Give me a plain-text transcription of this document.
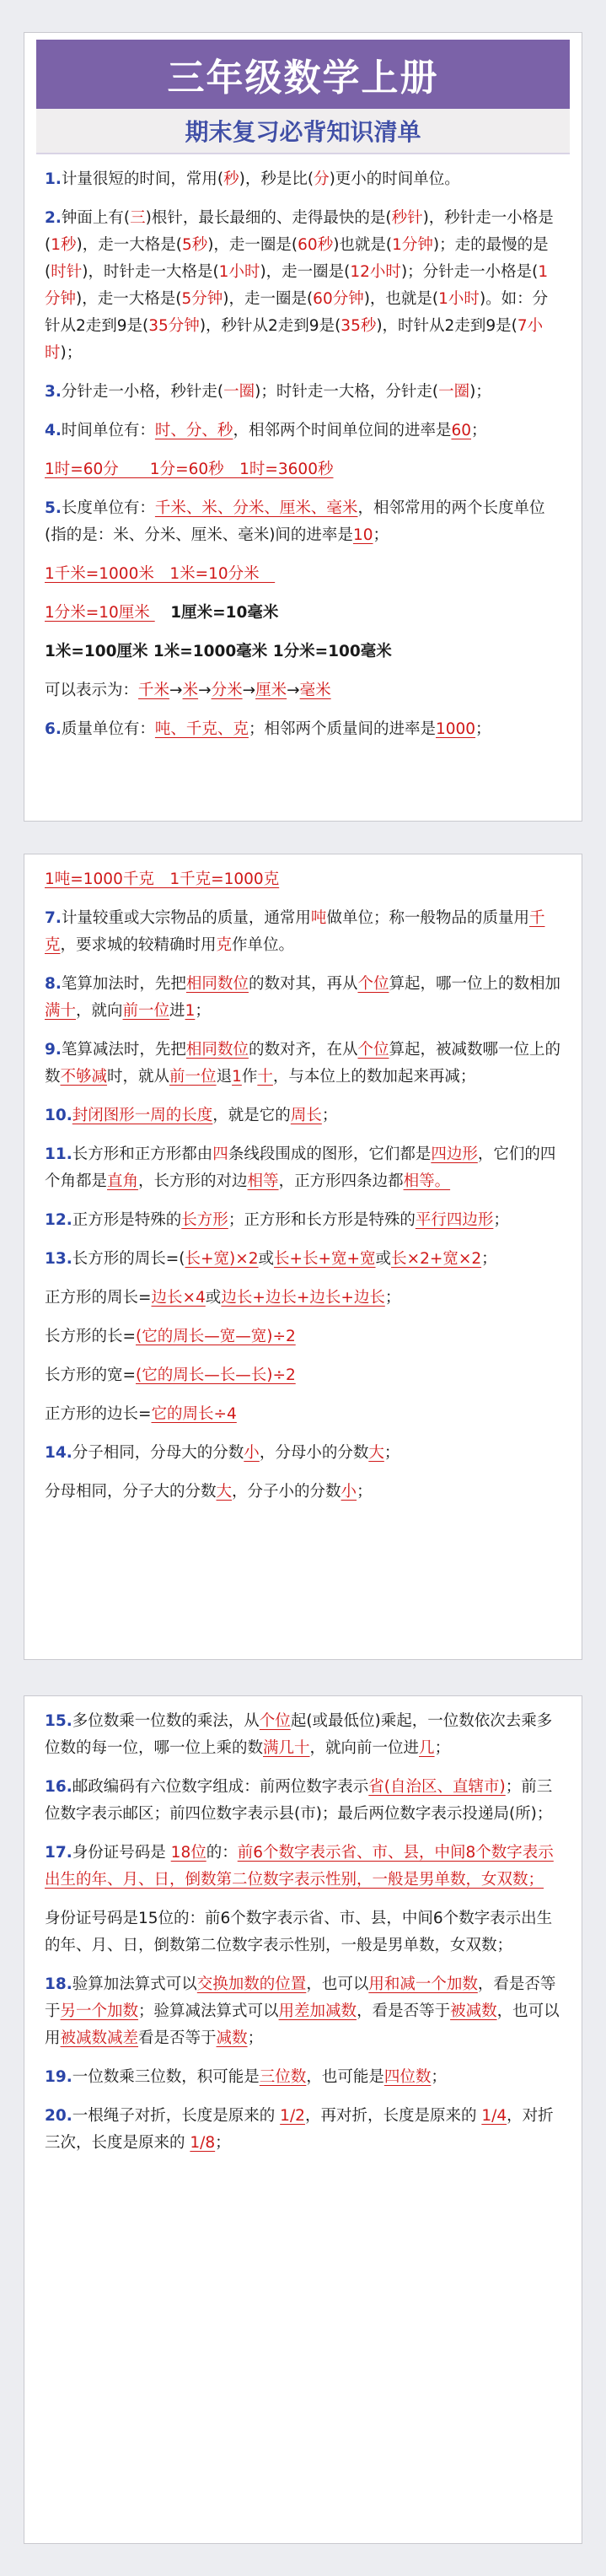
三年级数学上册
期末复习必背知识清单
1.计量很短的时间，常用(秒)，秒是比(分)更小的时间单位。
2.钟面上有(三)根针，最长最细的、走得最快的是(秒针)，秒针走一小格是(1秒)，走一大格是(5秒)，走一圈是(60秒)也就是(1分钟)；走的最慢的是(时针)，时针走一大格是(1小时)，走一圈是(12小时)；分针走一小格是(1分钟)，走一大格是(5分钟)，走一圈是(60分钟)，也就是(1小时)。如：分针从2走到9是(35分钟)，秒针从2走到9是(35秒)，时针从2走到9是(7小时)；
3.分针走一小格，秒针走(一圈)；时针走一大格，分针走(一圈)；
4.时间单位有：时、分、秒，相邻两个时间单位间的进率是60；
1时=60分　　1分=60秒　1时=3600秒
5.长度单位有：千米、米、分米、厘米、毫米，相邻常用的两个长度单位(指的是：米、分米、厘米、毫米)间的进率是10；
1千米=1000米　1米=10分米　
1分米=10厘米 　1厘米=10毫米
1米=100厘米 1米=1000毫米 1分米=100毫米
可以表示为：千米→米→分米→厘米→毫米
6.质量单位有：吨、千克、克；相邻两个质量间的进率是1000；
1吨=1000千克　1千克=1000克
7.计量较重或大宗物品的质量，通常用吨做单位；称一般物品的质量用千克，要求城的较精确时用克作单位。
8.笔算加法时，先把相同数位的数对其，再从个位算起，哪一位上的数相加满十，就向前一位进1；
9.笔算减法时，先把相同数位的数对齐，在从个位算起，被减数哪一位上的数不够减时，就从前一位退1作十，与本位上的数加起来再减；
10.封闭图形一周的长度，就是它的周长；
11.长方形和正方形都由四条线段围成的图形，它们都是四边形，它们的四个角都是直角，长方形的对边相等，正方形四条边都相等。
12.正方形是特殊的长方形；正方形和长方形是特殊的平行四边形；
13.长方形的周长=(长+宽)×2或长+长+宽+宽或长×2+宽×2；
正方形的周长=边长×4或边长+边长+边长+边长；
长方形的长=(它的周长—宽—宽)÷2
长方形的宽=(它的周长—长—长)÷2
正方形的边长=它的周长÷4
14.分子相同，分母大的分数小，分母小的分数大；
分母相同，分子大的分数大，分子小的分数小；
15.多位数乘一位数的乘法，从个位起(或最低位)乘起，一位数依次去乘多位数的每一位，哪一位上乘的数满几十，就向前一位进几；
16.邮政编码有六位数字组成：前两位数字表示省(自治区、直辖市)；前三位数字表示邮区；前四位数字表示县(市)；最后两位数字表示投递局(所)；
17.身份证号码是 18位的：前6个数字表示省、市、县，中间8个数字表示出生的年、月、日，倒数第二位数字表示性别，一般是男单数，女双数；
身份证号码是15位的：前6个数字表示省、市、县，中间6个数字表示出生的年、月、日，倒数第二位数字表示性别，一般是男单数，女双数；
18.验算加法算式可以交换加数的位置，也可以用和减一个加数，看是否等于另一个加数；验算减法算式可以用差加减数，看是否等于被减数，也可以用被减数减差看是否等于减数；
19.一位数乘三位数，积可能是三位数，也可能是四位数；
20.一根绳子对折，长度是原来的 1/2，再对折，长度是原来的 1/4，对折三次，长度是原来的 1/8；
